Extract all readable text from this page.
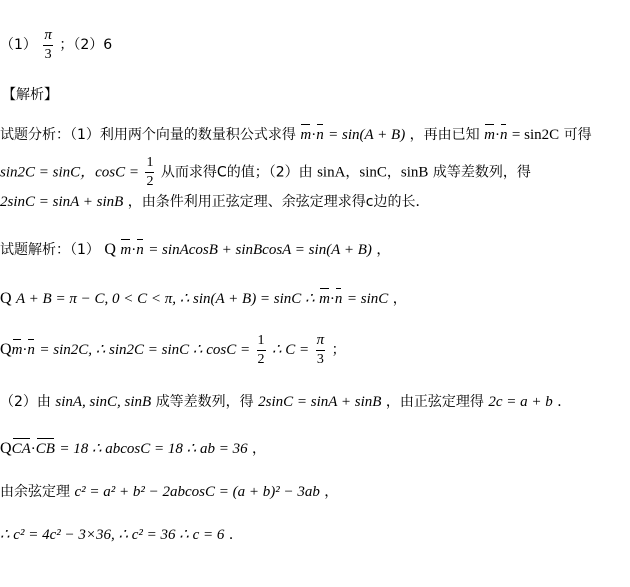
$(1) \frac{\pi}{3}$ ；（2）6
【解析】
试题分析：（1）利用两个向量的数量积公式求得 m·n = sin(A + B) ，再由已知 m·n = sin2C 可得
sin2C = sinC，$\cos C = \frac{1}{2}$ 从而求得C的值；（2）由 sinA，sinC，sinB 成等差数列，得
2sinC = sinA + sinB ，由条件利用正弦定理、余弦定理求得c边的长．
试题解析：（1） Q m·n = sinAcosB + sinBcosA = sin(A + B) ，
Q A + B = π − C, 0 < C < π, ∴ sin(A + B) = sinC ∴ m·n = sinC ，
Qm·n = sin2C, ∴ sin2C = sinC ∴ $\cos C = \frac{1}{2}$ ∴ $C = \frac{\pi}{3}$ ；
（2）由 sinA, sinC, sinB 成等差数列，得 2sinC = sinA + sinB ，由正弦定理得 2c = a + b ．
QCA·CB = 18 ∴ abcosC = 18 ∴ ab = 36 ，
由余弦定理 c² = a² + b² − 2abcosC = (a + b)² − 3ab ，
∴ c² = 4c² − 3×36, ∴ c² = 36 ∴ c = 6 ．
